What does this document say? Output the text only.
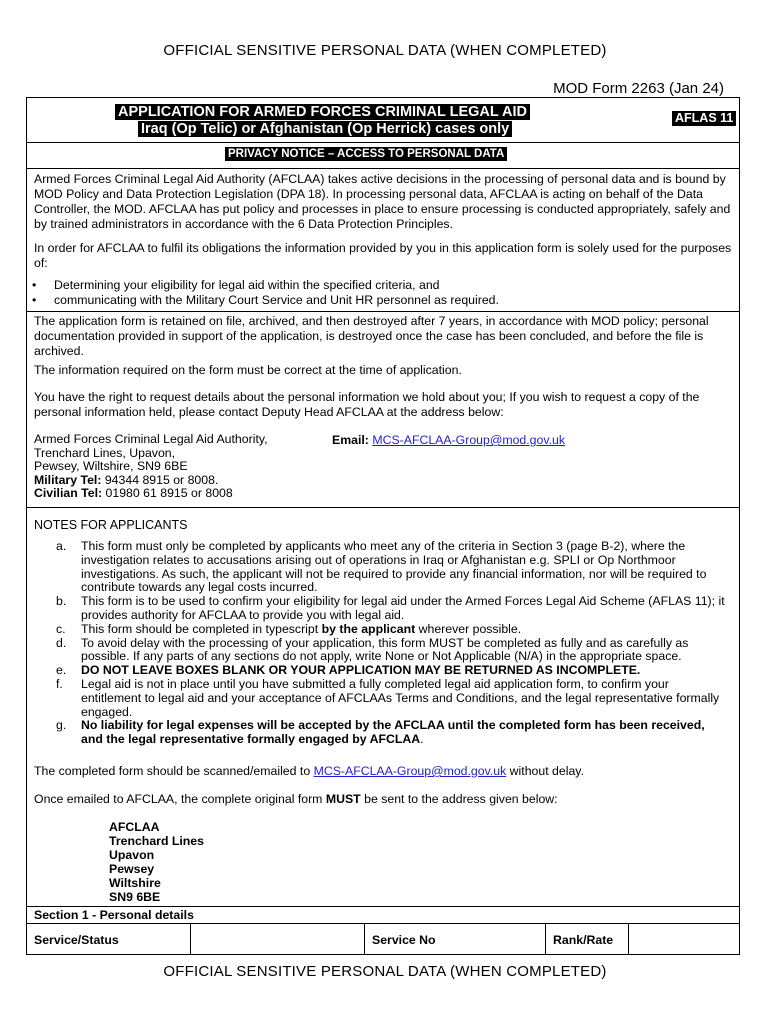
OFFICIAL SENSITIVE PERSONAL DATA (WHEN COMPLETED)
MOD Form 2263 (Jan 24)
APPLICATION FOR ARMED FORCES CRIMINAL LEGAL AID
Iraq (Op Telic) or Afghanistan (Op Herrick) cases only
AFLAS 11
PRIVACY NOTICE – ACCESS TO PERSONAL DATA
Armed Forces Criminal Legal Aid Authority (AFCLAA) takes active decisions in the processing of personal data and is bound by MOD Policy and Data Protection Legislation (DPA 18). In processing personal data, AFCLAA is acting on behalf of the Data Controller, the MOD. AFCLAA has put policy and processes in place to ensure processing is conducted appropriately, safely and by trained administrators in accordance with the 6 Data Protection Principles.
In order for AFCLAA to fulfil its obligations the information provided by you in this application form is solely used for the purposes of:
• Determining your eligibility for legal aid within the specified criteria, and
• communicating with the Military Court Service and Unit HR personnel as required.
The application form is retained on file, archived, and then destroyed after 7 years, in accordance with MOD policy; personal documentation provided in support of the application, is destroyed once the case has been concluded, and before the file is archived.
The information required on the form must be correct at the time of application.
You have the right to request details about the personal information we hold about you; If you wish to request a copy of the personal information held, please contact Deputy Head AFCLAA at the address below:
Armed Forces Criminal Legal Aid Authority,
Trenchard Lines, Upavon,
Pewsey, Wiltshire, SN9 6BE
Military Tel: 94344 8915 or 8008.
Civilian Tel: 01980 61 8915 or 8008
Email: MCS-AFCLAA-Group@mod.gov.uk
NOTES FOR APPLICANTS
a. This form must only be completed by applicants who meet any of the criteria in Section 3 (page B-2), where the investigation relates to accusations arising out of operations in Iraq or Afghanistan e.g. SPLI or Op Northmoor investigations. As such, the applicant will not be required to provide any financial information, nor will be required to contribute towards any legal costs incurred.
b. This form is to be used to confirm your eligibility for legal aid under the Armed Forces Legal Aid Scheme (AFLAS 11); it provides authority for AFCLAA to provide you with legal aid.
c. This form should be completed in typescript by the applicant wherever possible.
d. To avoid delay with the processing of your application, this form MUST be completed as fully and as carefully as possible. If any parts of any sections do not apply, write None or Not Applicable (N/A) in the appropriate space.
e. DO NOT LEAVE BOXES BLANK OR YOUR APPLICATION MAY BE RETURNED AS INCOMPLETE.
f. Legal aid is not in place until you have submitted a fully completed legal aid application form, to confirm your entitlement to legal aid and your acceptance of AFCLAAs Terms and Conditions, and the legal representative formally engaged.
g. No liability for legal expenses will be accepted by the AFCLAA until the completed form has been received, and the legal representative formally engaged by AFCLAA.
The completed form should be scanned/emailed to MCS-AFCLAA-Group@mod.gov.uk without delay.
Once emailed to AFCLAA, the complete original form MUST be sent to the address given below:
AFCLAA
Trenchard Lines
Upavon
Pewsey
Wiltshire
SN9 6BE
Section 1 - Personal details
Service/Status	Service No	Rank/Rate
OFFICIAL SENSITIVE PERSONAL DATA (WHEN COMPLETED)
